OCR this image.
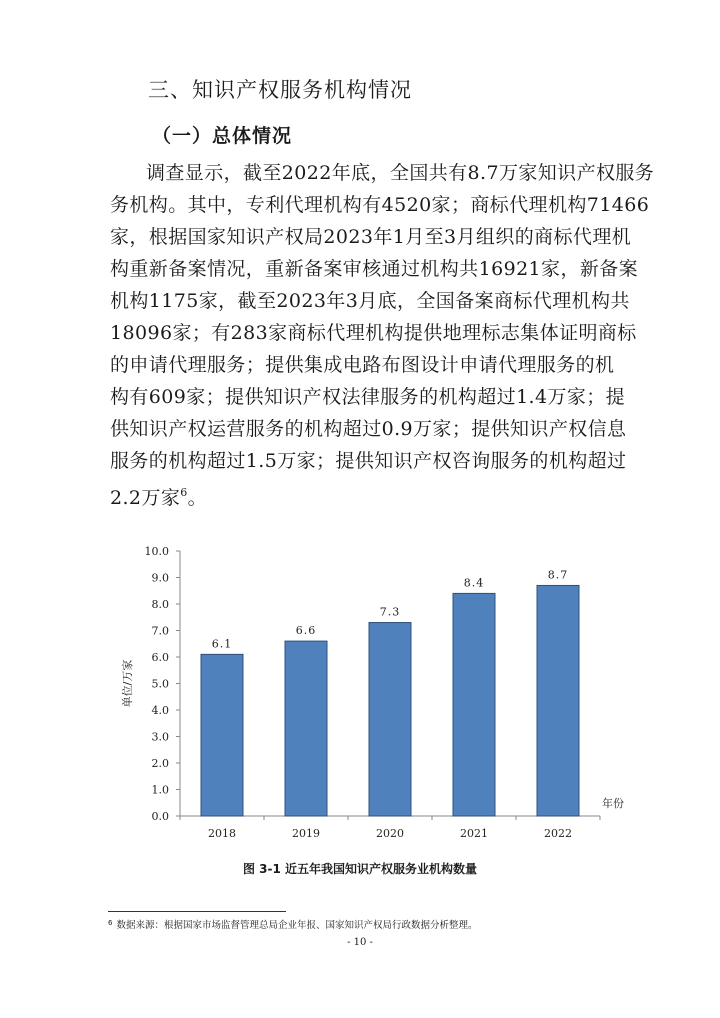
三、知识产权服务机构情况
（一）总体情况
调查显示，截至2022年底，全国共有8.7万家知识产权服务
务机构。其中，专利代理机构有4520家；商标代理机构71466
家，根据国家知识产权局2023年1月至3月组织的商标代理机
构重新备案情况，重新备案审核通过机构共16921家，新备案
机构1175家，截至2023年3月底，全国备案商标代理机构共
18096家；有283家商标代理机构提供地理标志集体证明商标
的申请代理服务；提供集成电路布图设计申请代理服务的机
构有609家；提供知识产权法律服务的机构超过1.4万家；提
供知识产权运营服务的机构超过0.9万家；提供知识产权信息
服务的机构超过1.5万家；提供知识产权咨询服务的机构超过
2.2万家$^6$。
0.0
1.0
2.0
3.0
4.0
5.0
6.0
7.0
8.0
9.0
10.0
6.1
2018
6.6
2019
7.3
2020
8.4
2021
8.7
2022
单位/万家
年份
图 3-1 近五年我国知识产权服务业机构数量
$^6$ 数据来源：根据国家市场监督管理总局企业年报、国家知识产权局行政数据分析整理。
- 10 -
